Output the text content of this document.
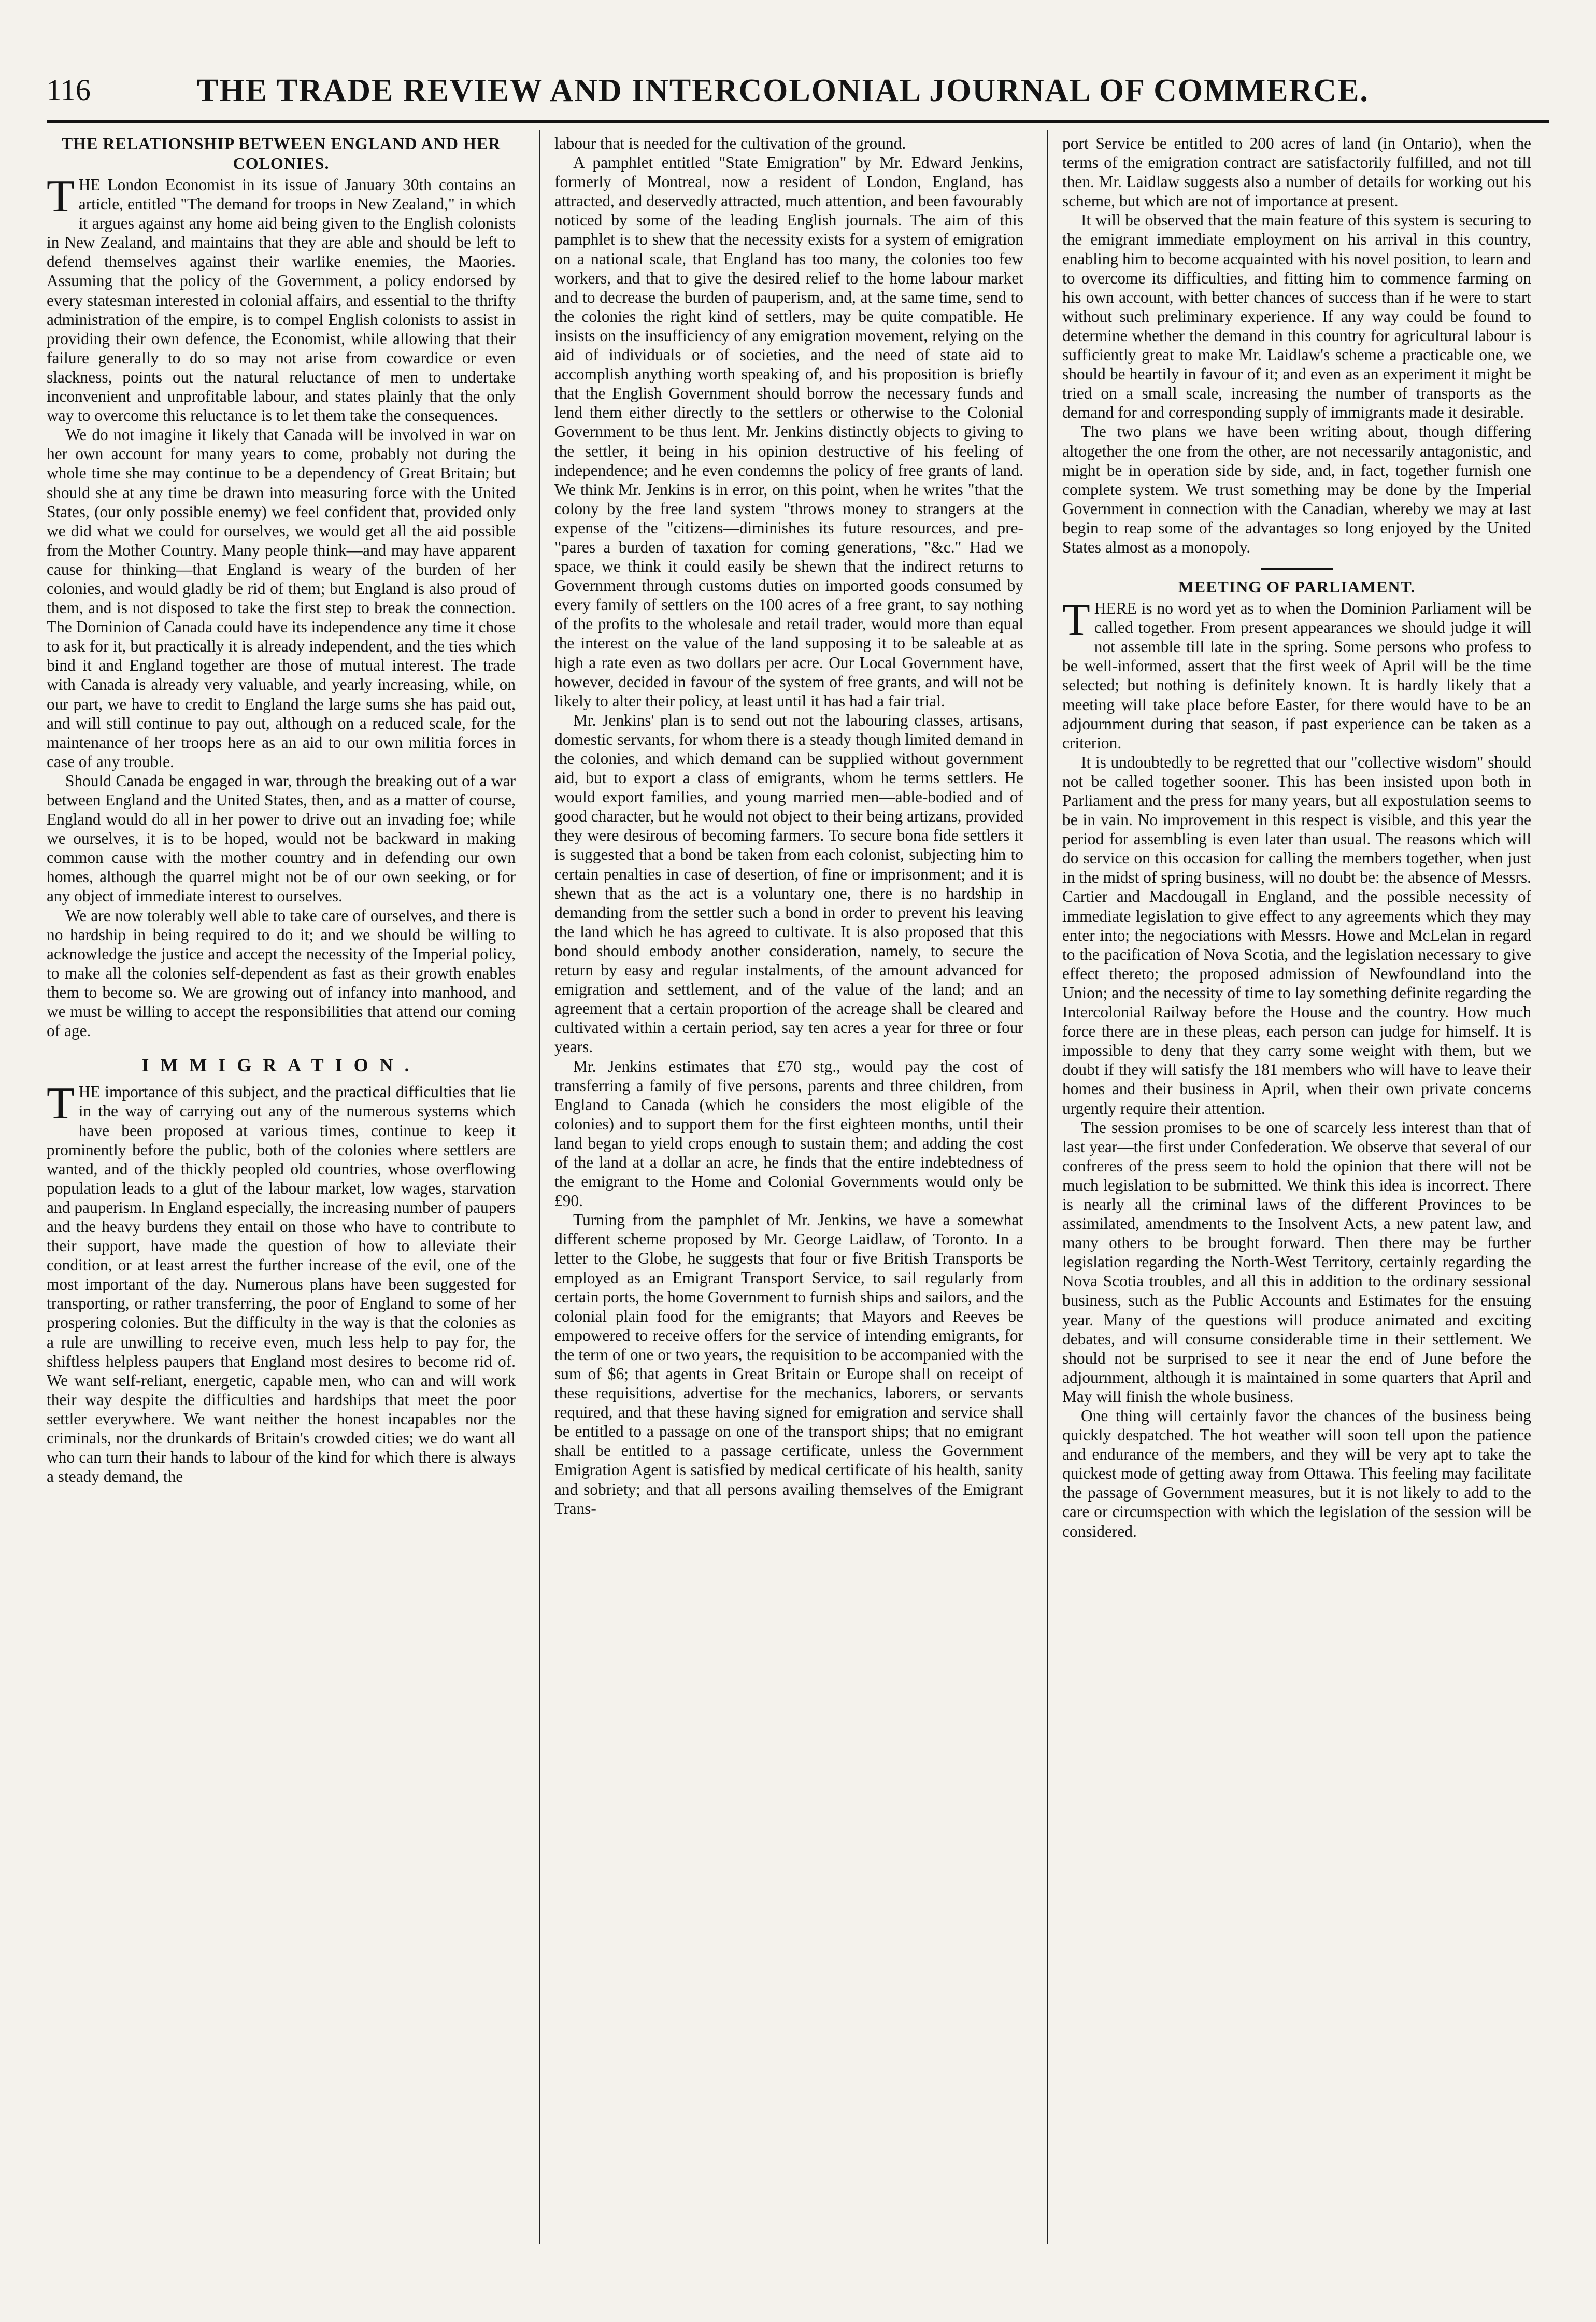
116	THE TRADE REVIEW AND INTERCOLONIAL JOURNAL OF COMMERCE.
THE RELATIONSHIP BETWEEN ENGLAND AND HER COLONIES.

THE London Economist in its issue of January 30th contains an article, entitled "The demand for troops in New Zealand," in which it argues against any home aid being given to the English colonists in New Zealand, and maintains that they are able and should be left to defend themselves against their warlike enemies, the Maories. Assuming that the policy of the Government, a policy endorsed by every statesman interested in colonial affairs, and essential to the thrifty administration of the empire, is to compel English colonists to assist in providing their own defence, the Economist, while allowing that their failure generally to do so may not arise from cowardice or even slackness, points out the natural reluctance of men to undertake inconvenient and unprofitable labour, and states plainly that the only way to overcome this reluctance is to let them take the consequences.

We do not imagine it likely that Canada will be involved in war on her own account for many years to come, probably not during the whole time she may continue to be a dependency of Great Britain; but should she at any time be drawn into measuring force with the United States, (our only possible enemy) we feel confident that, provided only we did what we could for ourselves, we would get all the aid possible from the Mother Country. Many people think—and may have apparent cause for thinking—that England is weary of the burden of her colonies, and would gladly be rid of them; but England is also proud of them, and is not disposed to take the first step to break the connection. The Dominion of Canada could have its independence any time it chose to ask for it, but practically it is already independent, and the ties which bind it and England together are those of mutual interest. The trade with Canada is already very valuable, and yearly increasing, while, on our part, we have to credit to England the large sums she has paid out, and will still continue to pay out, although on a reduced scale, for the maintenance of her troops here as an aid to our own militia forces in case of any trouble.

Should Canada be engaged in war, through the breaking out of a war between England and the United States, then, and as a matter of course, England would do all in her power to drive out an invading foe; while we ourselves, it is to be hoped, would not be backward in making common cause with the mother country and in defending our own homes, although the quarrel might not be of our own seeking, or for any object of immediate interest to ourselves.

We are now tolerably well able to take care of ourselves, and there is no hardship in being required to do it; and we should be willing to acknowledge the justice and accept the necessity of the Imperial policy, to make all the colonies self-dependent as fast as their growth enables them to become so. We are growing out of infancy into manhood, and we must be willing to accept the responsibilities that attend our coming of age.

IMMIGRATION.

THE importance of this subject, and the practical difficulties that lie in the way of carrying out any of the numerous systems which have been proposed at various times, continue to keep it prominently before the public, both of the colonies where settlers are wanted, and of the thickly peopled old countries, whose overflowing population leads to a glut of the labour market, low wages, starvation and pauperism. In England especially, the increasing number of paupers and the heavy burdens they entail on those who have to contribute to their support, have made the question of how to alleviate their condition, or at least arrest the further increase of the evil, one of the most important of the day. Numerous plans have been suggested for transporting, or rather transferring, the poor of England to some of her prospering colonies. But the difficulty in the way is that the colonies as a rule are unwilling to receive even, much less help to pay for, the shiftless helpless paupers that England most desires to become rid of. We want self-reliant, energetic, capable men, who can and will work their way despite the difficulties and hardships that meet the poor settler everywhere. We want neither the honest incapables nor the criminals, nor the drunkards of Britain's crowded cities; we do want all who can turn their hands to labour of the kind for which there is always a steady demand, the

labour that is needed for the cultivation of the ground.

A pamphlet entitled "State Emigration" by Mr. Edward Jenkins, formerly of Montreal, now a resident of London, England, has attracted, and deservedly attracted, much attention, and been favourably noticed by some of the leading English journals. The aim of this pamphlet is to shew that the necessity exists for a system of emigration on a national scale, that England has too many, the colonies too few workers, and that to give the desired relief to the home labour market and to decrease the burden of pauperism, and, at the same time, send to the colonies the right kind of settlers, may be quite compatible. He insists on the insufficiency of any emigration movement, relying on the aid of individuals or of societies, and the need of state aid to accomplish anything worth speaking of, and his proposition is briefly that the English Government should borrow the necessary funds and lend them either directly to the settlers or otherwise to the Colonial Government to be thus lent. Mr. Jenkins distinctly objects to giving to the settler, it being in his opinion destructive of his feeling of independence; and he even condemns the policy of free grants of land. We think Mr. Jenkins is in error, on this point, when he writes "that the colony by the free land system "throws money to strangers at the expense of the "citizens—diminishes its future resources, and pre-"pares a burden of taxation for coming generations, "&c." Had we space, we think it could easily be shewn that the indirect returns to Government through customs duties on imported goods consumed by every family of settlers on the 100 acres of a free grant, to say nothing of the profits to the wholesale and retail trader, would more than equal the interest on the value of the land supposing it to be saleable at as high a rate even as two dollars per acre. Our Local Government have, however, decided in favour of the system of free grants, and will not be likely to alter their policy, at least until it has had a fair trial.

Mr. Jenkins' plan is to send out not the labouring classes, artisans, domestic servants, for whom there is a steady though limited demand in the colonies, and which demand can be supplied without government aid, but to export a class of emigrants, whom he terms settlers. He would export families, and young married men—able-bodied and of good character, but he would not object to their being artizans, provided they were desirous of becoming farmers. To secure bona fide settlers it is suggested that a bond be taken from each colonist, subjecting him to certain penalties in case of desertion, of fine or imprisonment; and it is shewn that as the act is a voluntary one, there is no hardship in demanding from the settler such a bond in order to prevent his leaving the land which he has agreed to cultivate. It is also proposed that this bond should embody another consideration, namely, to secure the return by easy and regular instalments, of the amount advanced for emigration and settlement, and of the value of the land; and an agreement that a certain proportion of the acreage shall be cleared and cultivated within a certain period, say ten acres a year for three or four years.

Mr. Jenkins estimates that £70 stg., would pay the cost of transferring a family of five persons, parents and three children, from England to Canada (which he considers the most eligible of the colonies) and to support them for the first eighteen months, until their land began to yield crops enough to sustain them; and adding the cost of the land at a dollar an acre, he finds that the entire indebtedness of the emigrant to the Home and Colonial Governments would only be £90.

Turning from the pamphlet of Mr. Jenkins, we have a somewhat different scheme proposed by Mr. George Laidlaw, of Toronto. In a letter to the Globe, he suggests that four or five British Transports be employed as an Emigrant Transport Service, to sail regularly from certain ports, the home Government to furnish ships and sailors, and the colonial plain food for the emigrants; that Mayors and Reeves be empowered to receive offers for the service of intending emigrants, for the term of one or two years, the requisition to be accompanied with the sum of $6; that agents in Great Britain or Europe shall on receipt of these requisitions, advertise for the mechanics, laborers, or servants required, and that these having signed for emigration and service shall be entitled to a passage on one of the transport ships; that no emigrant shall be entitled to a passage certificate, unless the Government Emigration Agent is satisfied by medical certificate of his health, sanity and sobriety; and that all persons availing themselves of the Emigrant Trans-

port Service be entitled to 200 acres of land (in Ontario), when the terms of the emigration contract are satisfactorily fulfilled, and not till then. Mr. Laidlaw suggests also a number of details for working out his scheme, but which are not of importance at present.

It will be observed that the main feature of this system is securing to the emigrant immediate employment on his arrival in this country, enabling him to become acquainted with his novel position, to learn and to overcome its difficulties, and fitting him to commence farming on his own account, with better chances of success than if he were to start without such preliminary experience. If any way could be found to determine whether the demand in this country for agricultural labour is sufficiently great to make Mr. Laidlaw's scheme a practicable one, we should be heartily in favour of it; and even as an experiment it might be tried on a small scale, increasing the number of transports as the demand for and corresponding supply of immigrants made it desirable.

The two plans we have been writing about, though differing altogether the one from the other, are not necessarily antagonistic, and might be in operation side by side, and, in fact, together furnish one complete system. We trust something may be done by the Imperial Government in connection with the Canadian, whereby we may at last begin to reap some of the advantages so long enjoyed by the United States almost as a monopoly.

MEETING OF PARLIAMENT.

THERE is no word yet as to when the Dominion Parliament will be called together. From present appearances we should judge it will not assemble till late in the spring. Some persons who profess to be well-informed, assert that the first week of April will be the time selected; but nothing is definitely known. It is hardly likely that a meeting will take place before Easter, for there would have to be an adjournment during that season, if past experience can be taken as a criterion.

It is undoubtedly to be regretted that our "collective wisdom" should not be called together sooner. This has been insisted upon both in Parliament and the press for many years, but all expostulation seems to be in vain. No improvement in this respect is visible, and this year the period for assembling is even later than usual. The reasons which will do service on this occasion for calling the members together, when just in the midst of spring business, will no doubt be: the absence of Messrs. Cartier and Macdougall in England, and the possible necessity of immediate legislation to give effect to any agreements which they may enter into; the negociations with Messrs. Howe and McLelan in regard to the pacification of Nova Scotia, and the legislation necessary to give effect thereto; the proposed admission of Newfoundland into the Union; and the necessity of time to lay something definite regarding the Intercolonial Railway before the House and the country. How much force there are in these pleas, each person can judge for himself. It is impossible to deny that they carry some weight with them, but we doubt if they will satisfy the 181 members who will have to leave their homes and their business in April, when their own private concerns urgently require their attention.

The session promises to be one of scarcely less interest than that of last year—the first under Confederation. We observe that several of our confreres of the press seem to hold the opinion that there will not be much legislation to be submitted. We think this idea is incorrect. There is nearly all the criminal laws of the different Provinces to be assimilated, amendments to the Insolvent Acts, a new patent law, and many others to be brought forward. Then there may be further legislation regarding the North-West Territory, certainly regarding the Nova Scotia troubles, and all this in addition to the ordinary sessional business, such as the Public Accounts and Estimates for the ensuing year. Many of the questions will produce animated and exciting debates, and will consume considerable time in their settlement. We should not be surprised to see it near the end of June before the adjournment, although it is maintained in some quarters that April and May will finish the whole business.

One thing will certainly favor the chances of the business being quickly despatched. The hot weather will soon tell upon the patience and endurance of the members, and they will be very apt to take the quickest mode of getting away from Ottawa. This feeling may facilitate the passage of Government measures, but it is not likely to add to the care or circumspection with which the legislation of the session will be considered.
